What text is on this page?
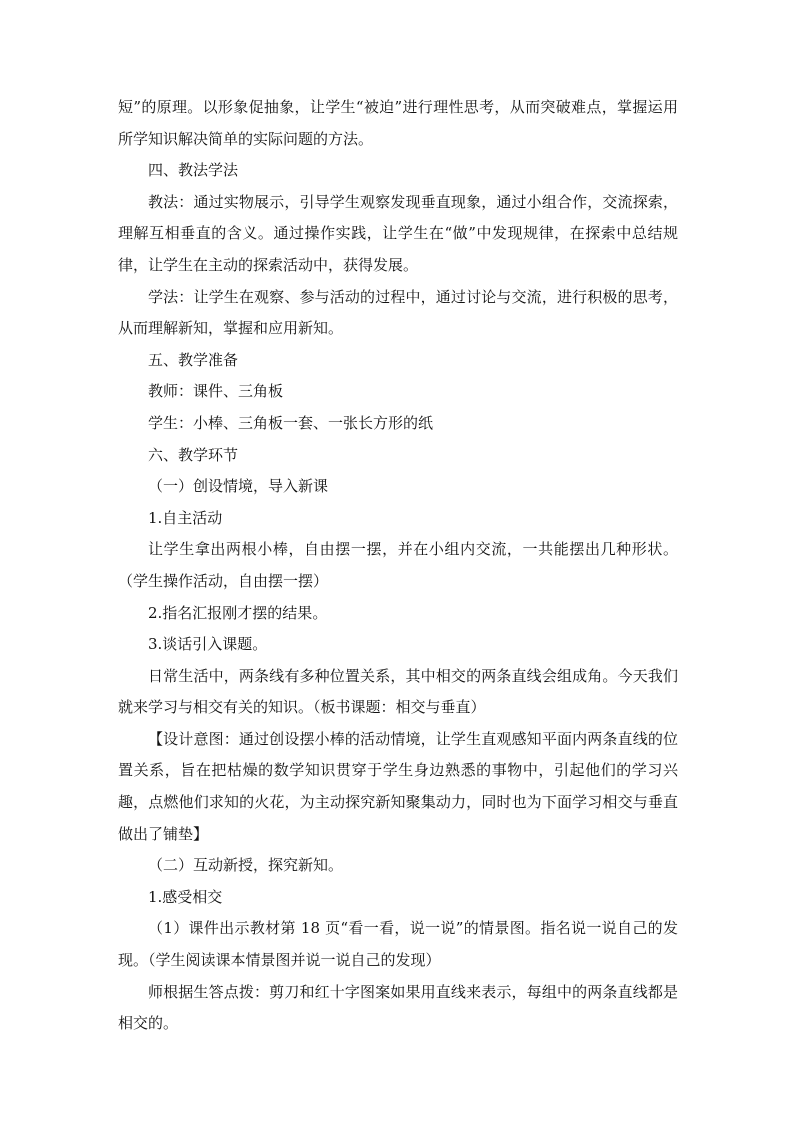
短”的原理。以形象促抽象，让学生“被迫”进行理性思考，从而突破难点，掌握运用所学知识解决简单的实际问题的方法。

四、教法学法

教法：通过实物展示，引导学生观察发现垂直现象，通过小组合作，交流探索，理解互相垂直的含义。通过操作实践，让学生在“做”中发现规律，在探索中总结规律，让学生在主动的探索活动中，获得发展。

学法：让学生在观察、参与活动的过程中，通过讨论与交流，进行积极的思考，从而理解新知，掌握和应用新知。

五、教学准备

教师：课件、三角板

学生：小棒、三角板一套、一张长方形的纸

六、教学环节

（一）创设情境，导入新课

1.自主活动

让学生拿出两根小棒，自由摆一摆，并在小组内交流，一共能摆出几种形状。（学生操作活动，自由摆一摆）

2.指名汇报刚才摆的结果。

3.谈话引入课题。

日常生活中，两条线有多种位置关系，其中相交的两条直线会组成角。今天我们就来学习与相交有关的知识。（板书课题：相交与垂直）

【设计意图：通过创设摆小棒的活动情境，让学生直观感知平面内两条直线的位置关系，旨在把枯燥的数学知识贯穿于学生身边熟悉的事物中，引起他们的学习兴趣，点燃他们求知的火花，为主动探究新知聚集动力，同时也为下面学习相交与垂直做出了铺垫】

（二）互动新授，探究新知。

1.感受相交

（1）课件出示教材第 18 页“看一看，说一说”的情景图。指名说一说自己的发现。（学生阅读课本情景图并说一说自己的发现）

师根据生答点拨：剪刀和红十字图案如果用直线来表示，每组中的两条直线都是相交的。
